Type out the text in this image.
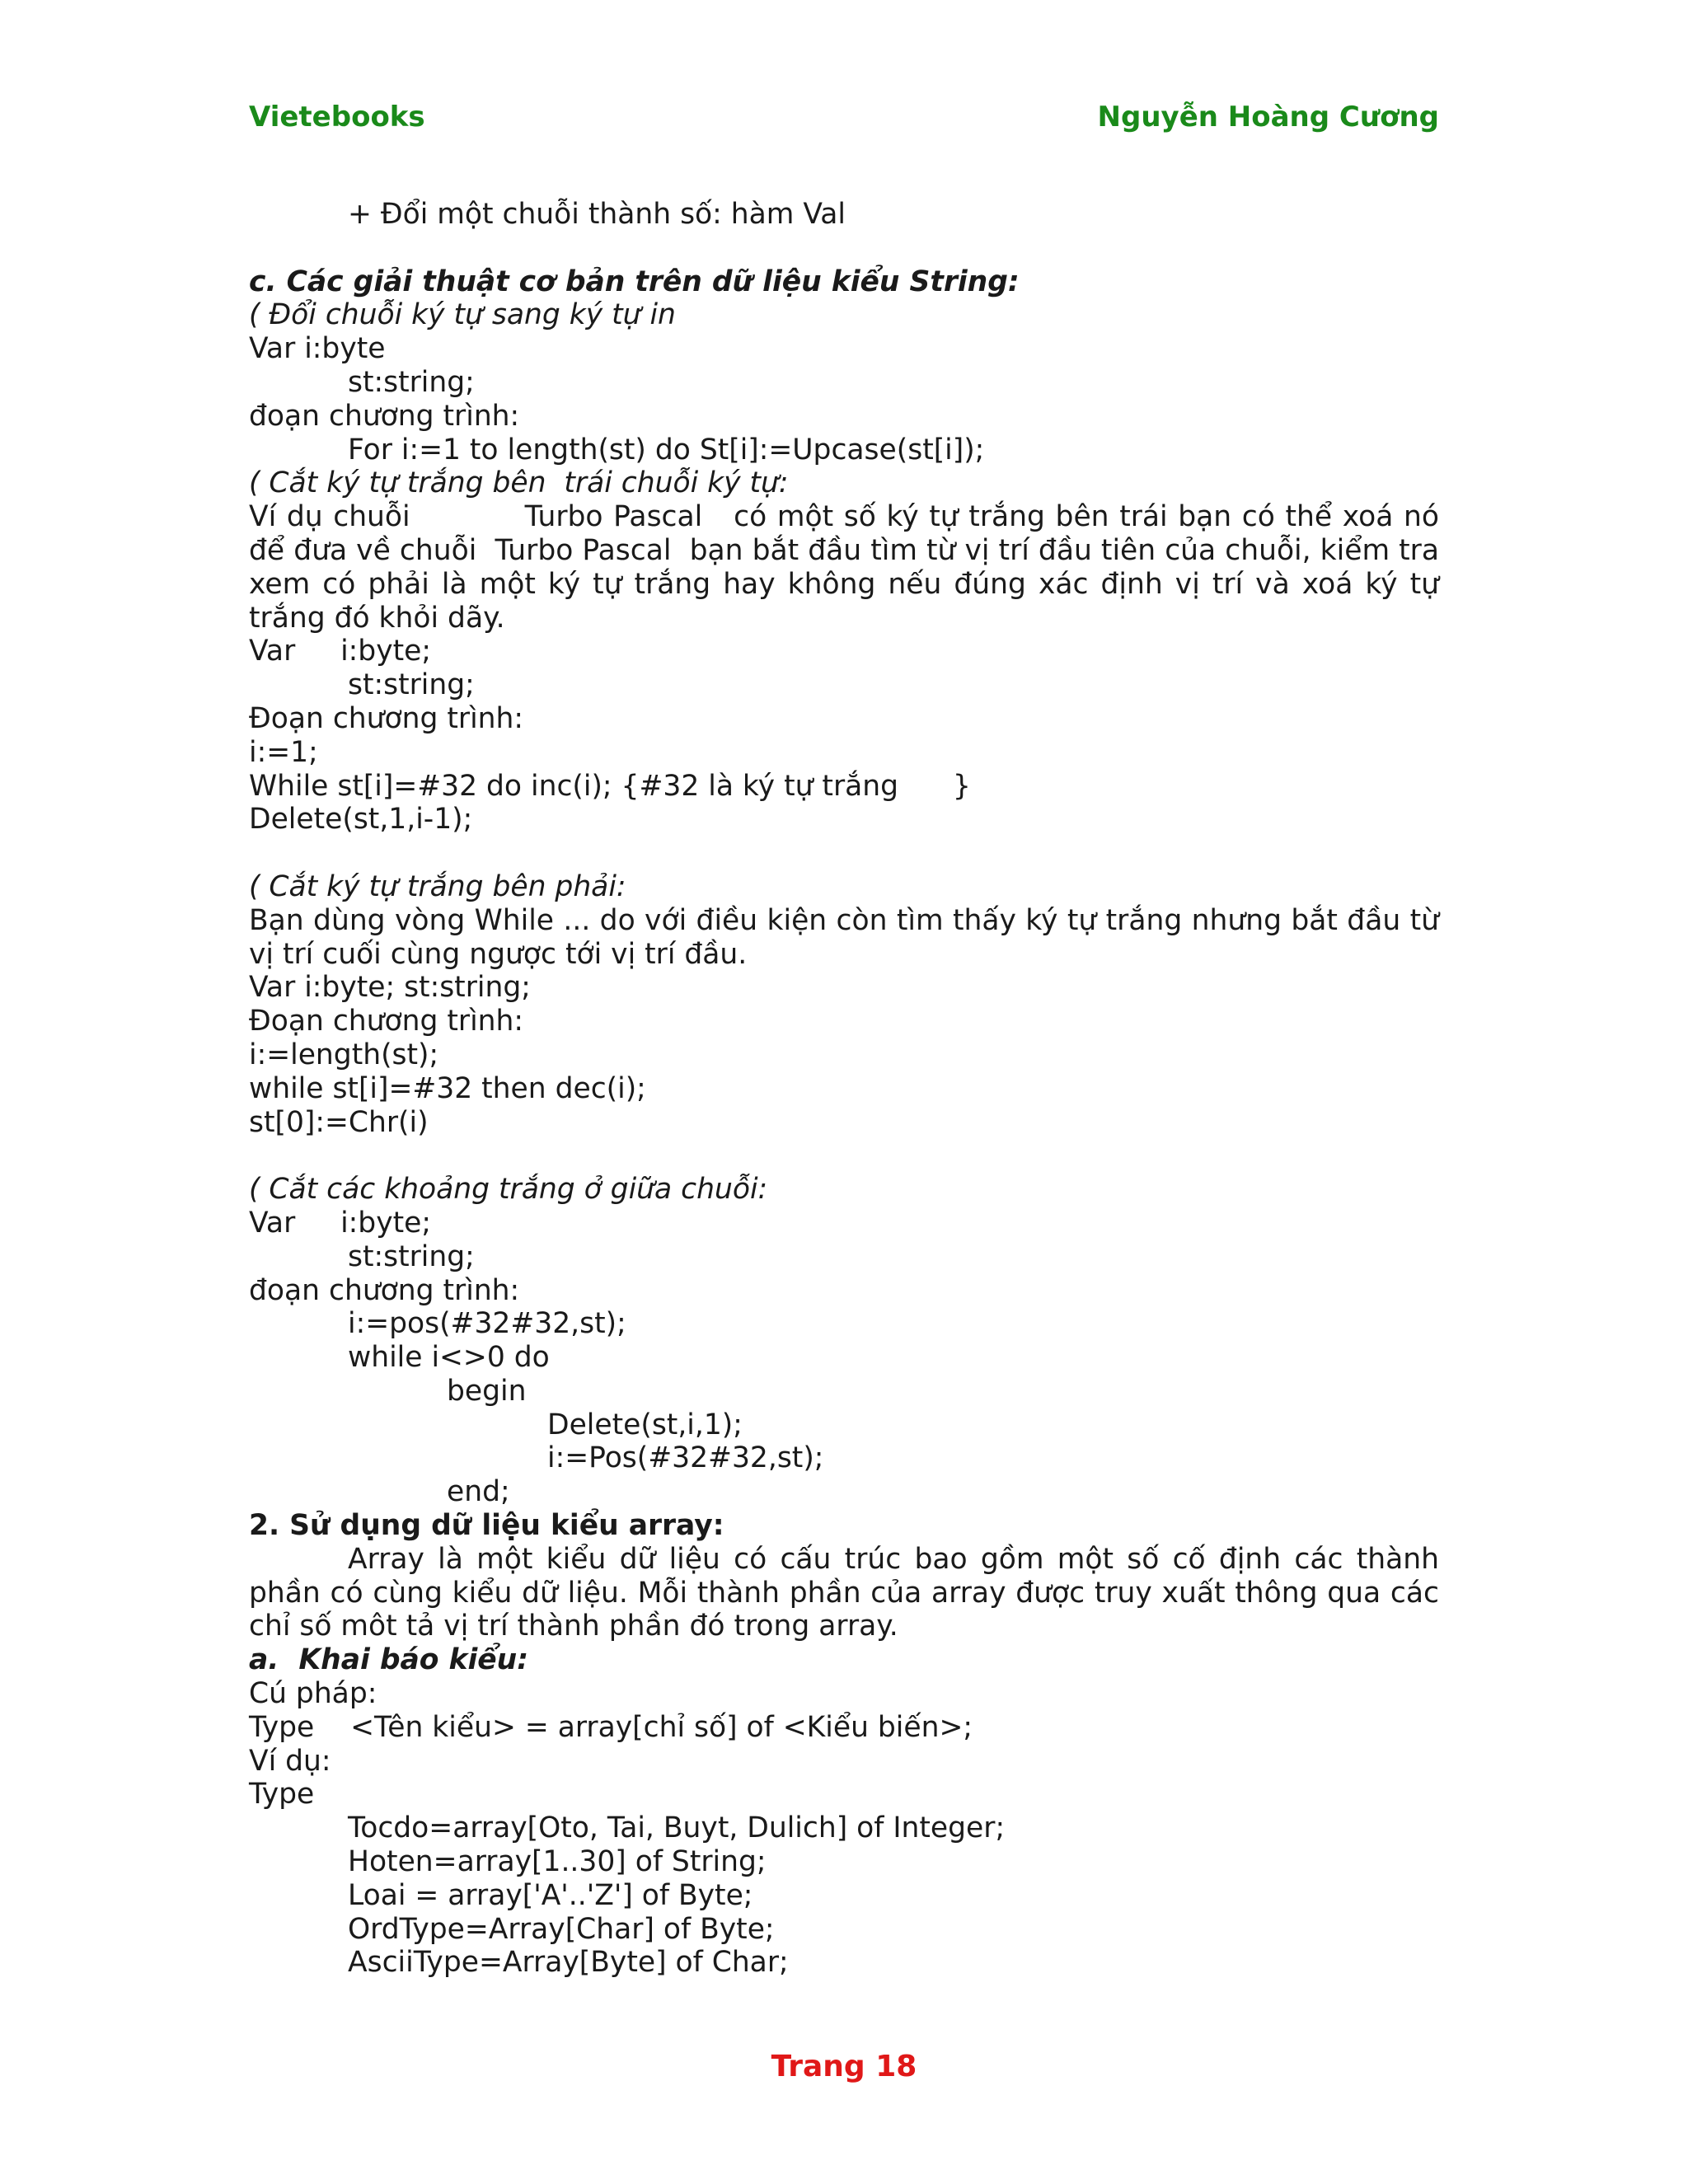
Vietebooks	Nguyễn Hoàng Cương

+ Đổi một chuỗi thành số: hàm Val

c. Các giải thuật cơ bản trên dữ liệu kiểu String:

( Đổi chuỗi ký tự sang ký tự in

Var i:byte

st:string;

đoạn chương trình:

For i:=1 to length(st) do St[i]:=Upcase(st[i]);

( Cắt ký tự trắng bên  trái chuỗi ký tự:

Ví dụ chuỗi           Turbo Pascal   có một số ký tự trắng bên trái bạn có thể xoá nó để đưa về chuỗi  Turbo Pascal  bạn bắt đầu tìm từ vị trí đầu tiên của chuỗi, kiểm tra xem có phải là một ký tự trắng hay không nếu đúng xác định vị trí và xoá ký tự trắng đó khỏi dãy.

Var     i:byte;

st:string;

Đoạn chương trình:

i:=1;

While st[i]=#32 do inc(i); {#32 là ký tự trắng      }

Delete(st,1,i-1);

( Cắt ký tự trắng bên phải:

Bạn dùng vòng While ... do với điều kiện còn tìm thấy ký tự trắng nhưng bắt đầu từ vị trí cuối cùng ngược tới vị trí đầu.

Var i:byte; st:string;

Đoạn chương trình:

i:=length(st);

while st[i]=#32 then dec(i);

st[0]:=Chr(i)

( Cắt các khoảng trắng ở giữa chuỗi:

Var     i:byte;

st:string;

đoạn chương trình:

i:=pos(#32#32,st);

while i<>0 do

begin

Delete(st,i,1);

i:=Pos(#32#32,st);

end;

2. Sử dụng dữ liệu kiểu array:

Array là một kiểu dữ liệu có cấu trúc bao gồm một số cố định các thành phần có cùng kiểu dữ liệu. Mỗi thành phần của array được truy xuất thông qua các chỉ số môt tả vị trí thành phần đó trong array.

a.  Khai báo kiểu:

Cú pháp:

Type    <Tên kiểu> = array[chỉ số] of <Kiểu biến>;

Ví dụ:

Type

Tocdo=array[Oto, Tai, Buyt, Dulich] of Integer;

Hoten=array[1..30] of String;

Loai = array['A'..'Z'] of Byte;

OrdType=Array[Char] of Byte;

AsciiType=Array[Byte] of Char;

Trang 18
